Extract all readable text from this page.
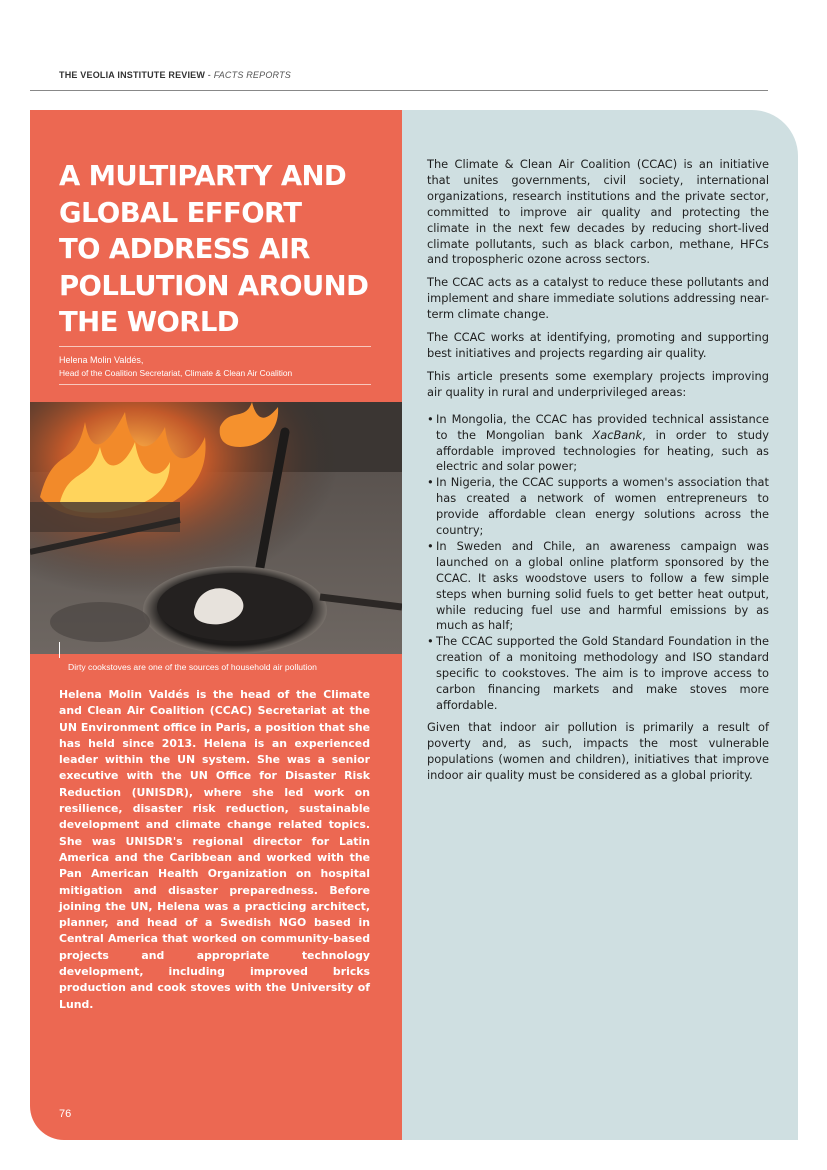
THE VEOLIA INSTITUTE REVIEW - FACTS REPORTS
A MULTIPARTY AND
GLOBAL EFFORT
TO ADDRESS AIR
POLLUTION AROUND
THE WORLD
Helena Molin Valdés,
Head of the Coalition Secretariat, Climate & Clean Air Coalition
Dirty cookstoves are one of the sources of household air pollution

Helena Molin Valdés is the head of the Climate and Clean Air Coalition (CCAC) Secretariat at the UN Environment office in Paris, a position that she has held since 2013. Helena is an experienced leader within the UN system. She was a senior executive with the UN Office for Disaster Risk Reduction (UNISDR), where she led work on resilience, disaster risk reduction, sustainable development and climate change related topics. She was UNISDR's regional director for Latin America and the Caribbean and worked with the Pan American Health Organization on hospital mitigation and disaster preparedness. Before joining the UN, Helena was a practicing architect, planner, and head of a Swedish NGO based in Central America that worked on community-based projects and appropriate technology development, including improved bricks production and cook stoves with the University of Lund.

76

The Climate & Clean Air Coalition (CCAC) is an initiative that unites governments, civil society, international organizations, research institutions and the private sector, committed to improve air quality and protecting the climate in the next few decades by reducing short-lived climate pollutants, such as black carbon, methane, HFCs and tropospheric ozone across sectors.

The CCAC acts as a catalyst to reduce these pollutants and implement and share immediate solutions addressing near-term climate change.

The CCAC works at identifying, promoting and supporting best initiatives and projects regarding air quality.

This article presents some exemplary projects improving air quality in rural and underprivileged areas:

• In Mongolia, the CCAC has provided technical assistance to the Mongolian bank XacBank, in order to study affordable improved technologies for heating, such as electric and solar power;
• In Nigeria, the CCAC supports a women's association that has created a network of women entrepreneurs to provide affordable clean energy solutions across the country;
• In Sweden and Chile, an awareness campaign was launched on a global online platform sponsored by the CCAC. It asks woodstove users to follow a few simple steps when burning solid fuels to get better heat output, while reducing fuel use and harmful emissions by as much as half;
• The CCAC supported the Gold Standard Foundation in the creation of a monitoing methodology and ISO standard specific to cookstoves. The aim is to improve access to carbon financing markets and make stoves more affordable.

Given that indoor air pollution is primarily a result of poverty and, as such, impacts the most vulnerable populations (women and children), initiatives that improve indoor air quality must be considered as a global priority.
